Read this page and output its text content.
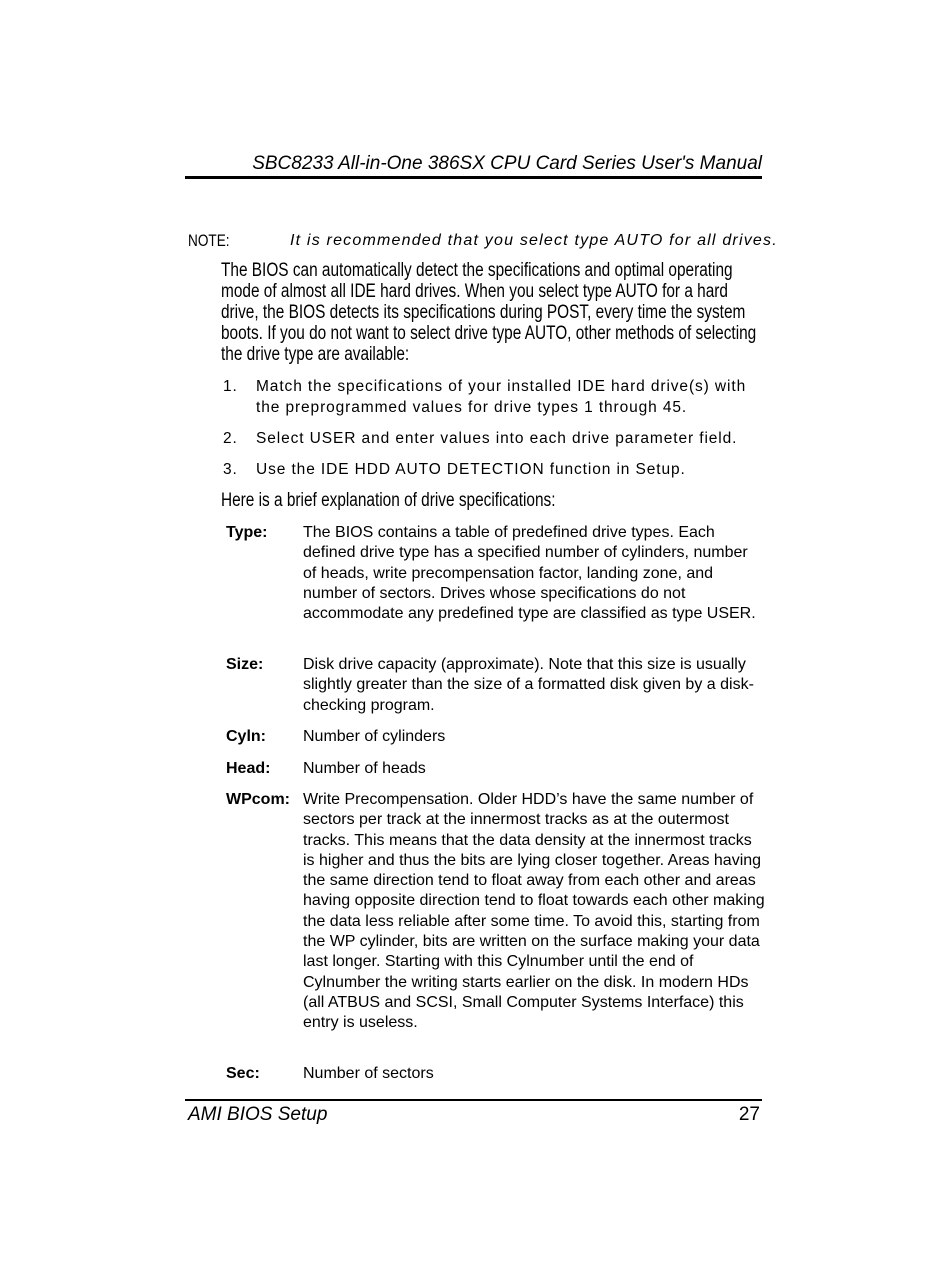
SBC8233 All-in-One 386SX CPU Card Series User's Manual
NOTE:	It is recommended that you select type AUTO for all drives.

The BIOS can automatically detect the specifications and optimal operating mode of almost all IDE hard drives. When you select type AUTO for a hard drive, the BIOS detects its specifications during POST, every time the system boots. If you do not want to select drive type AUTO, other methods of selecting the drive type are available:

1. Match the specifications of your installed IDE hard drive(s) with the preprogrammed values for drive types 1 through 45.
2. Select USER and enter values into each drive parameter field.
3. Use the IDE HDD AUTO DETECTION function in Setup.
Here is a brief explanation of drive specifications:
Type: The BIOS contains a table of predefined drive types. Each defined drive type has a specified number of cylinders, number of heads, write precompensation factor, landing zone, and number of sectors. Drives whose specifications do not accommodate any predefined type are classified as type USER.
Size: Disk drive capacity (approximate). Note that this size is usually slightly greater than the size of a formatted disk given by a disk-checking program.
Cyln: Number of cylinders
Head: Number of heads
WPcom: Write Precompensation. Older HDD’s have the same number of sectors per track at the innermost tracks as at the outermost tracks. This means that the data density at the innermost tracks is higher and thus the bits are lying closer together. Areas having the same direction tend to float away from each other and areas having opposite direction tend to float towards each other making the data less reliable after some time. To avoid this, starting from the WP cylinder, bits are written on the surface making your data last longer. Starting with this Cylnumber until the end of Cylnumber the writing starts earlier on the disk. In modern HDs (all ATBUS and SCSI, Small Computer Systems Interface) this entry is useless.
Sec:	Number of sectors
AMI BIOS Setup	27
